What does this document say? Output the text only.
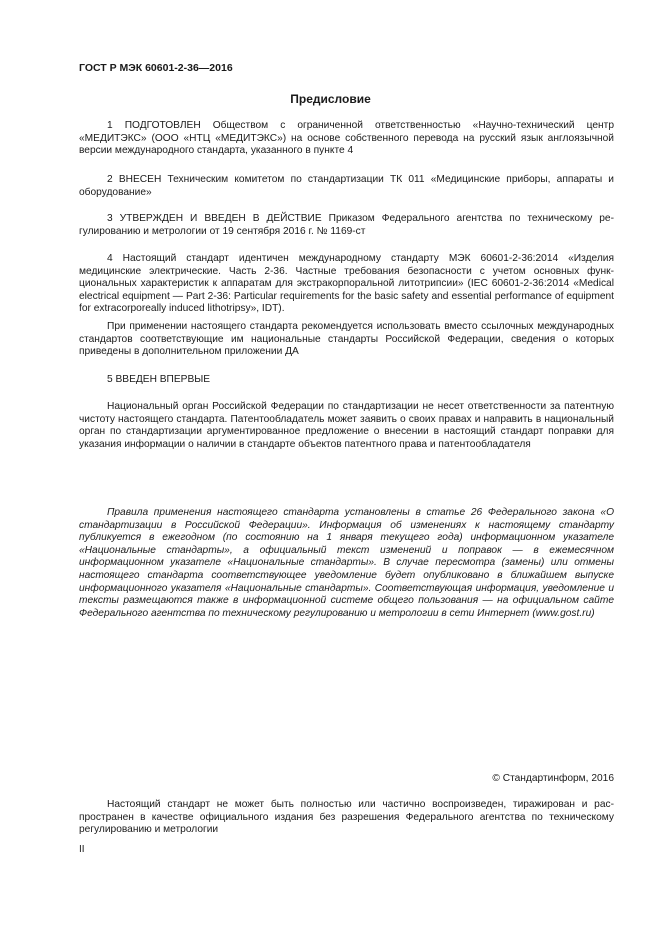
ГОСТ Р МЭК 60601-2-36—2016
Предисловие

1 ПОДГОТОВЛЕН Обществом с ограниченной ответственностью «Научно-технический центр «МЕДИТЭКС» (ООО «НТЦ «МЕДИТЭКС») на основе собственного перевода на русский язык англоязычной версии международного стандарта, указанного в пункте 4

2 ВНЕСЕН Техническим комитетом по стандартизации ТК 011 «Медицинские приборы, аппараты и оборудование»

3 УТВЕРЖДЕН И ВВЕДЕН В ДЕЙСТВИЕ Приказом Федерального агентства по техническому регулированию и метрологии от 19 сентября 2016 г. № 1169-ст

4 Настоящий стандарт идентичен международному стандарту МЭК 60601-2-36:2014 «Изделия медицинские электрические. Часть 2-36. Частные требования безопасности с учетом основных функциональных характеристик к аппаратам для экстракорпоральной литотрипсии» (IEC 60601-2-36:2014 «Medical electrical equipment — Part 2-36: Particular requirements for the basic safety and essential performance of equipment for extracorporeally induced lithotripsy», IDT).

При применении настоящего стандарта рекомендуется использовать вместо ссылочных международных стандартов соответствующие им национальные стандарты Российской Федерации, сведения о которых приведены в дополнительном приложении ДА

5 ВВЕДЕН ВПЕРВЫЕ

Национальный орган Российской Федерации по стандартизации не несет ответственности за патентную чистоту настоящего стандарта. Патентообладатель может заявить о своих правах и направить в национальный орган по стандартизации аргументированное предложение о внесении в настоящий стандарт поправки для указания информации о наличии в стандарте объектов патентного права и патентообладателя

Правила применения настоящего стандарта установлены в статье 26 Федерального закона «О стандартизации в Российской Федерации». Информация об изменениях к настоящему стандарту публикуется в ежегодном (по состоянию на 1 января текущего года) информационном указателе «Национальные стандарты», а официальный текст изменений и поправок — в ежемесячном информационном указателе «Национальные стандарты». В случае пересмотра (замены) или отмены настоящего стандарта соответствующее уведомление будет опубликовано в ближайшем выпуске информационного указателя «Национальные стандарты». Соответствующая информация, уведомление и тексты размещаются также в информационной системе общего пользования — на официальном сайте Федерального агентства по техническому регулированию и метрологии в сети Интернет (www.gost.ru)

© Стандартинформ, 2016

Настоящий стандарт не может быть полностью или частично воспроизведен, тиражирован и распространен в качестве официального издания без разрешения Федерального агентства по техническому регулированию и метрологии

II
